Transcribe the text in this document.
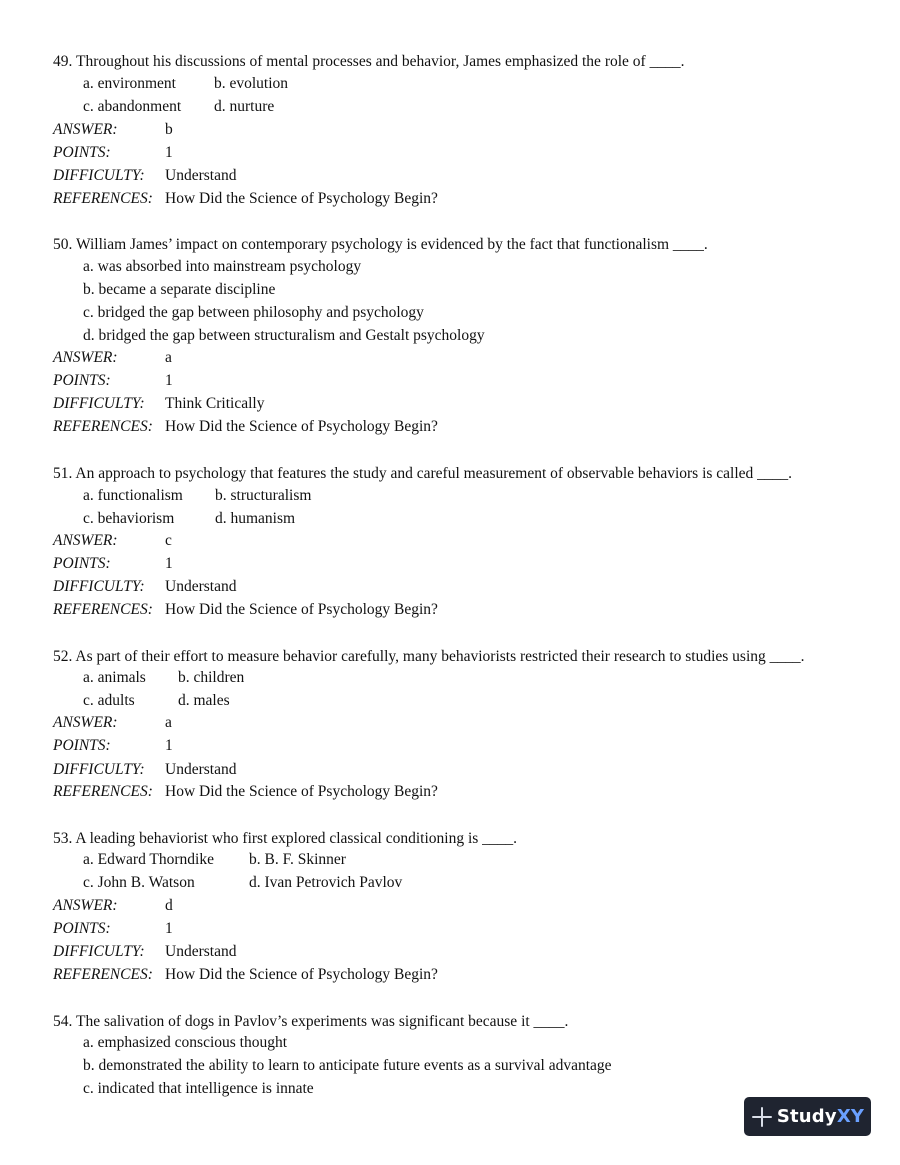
49. Throughout his discussions of mental processes and behavior, James emphasized the role of ____.
a. environment b. evolution
c. abandonment d. nurture
ANSWER:	b
POINTS:	1
DIFFICULTY: Understand
REFERENCES: How Did the Science of Psychology Begin?
50. William James’ impact on contemporary psychology is evidenced by the fact that functionalism ____.
a. was absorbed into mainstream psychology
b. became a separate discipline
c. bridged the gap between philosophy and psychology
d. bridged the gap between structuralism and Gestalt psychology
ANSWER:	a
POINTS:	1
DIFFICULTY: Think Critically
REFERENCES: How Did the Science of Psychology Begin?
51. An approach to psychology that features the study and careful measurement of observable behaviors is called ____.
a. functionalism b. structuralism
c. behaviorism	d. humanism
ANSWER:	c
POINTS:	1
DIFFICULTY: Understand
REFERENCES: How Did the Science of Psychology Begin?
52. As part of their effort to measure behavior carefully, many behaviorists restricted their research to studies using ____.
a. animals b. children
c. adults	d. males
ANSWER:	a
POINTS:	1
DIFFICULTY: Understand
REFERENCES: How Did the Science of Psychology Begin?
53. A leading behaviorist who first explored classical conditioning is ____.
a. Edward Thorndike b. B. F. Skinner
c. John B. Watson	d. Ivan Petrovich Pavlov
ANSWER:	d
POINTS:	1
DIFFICULTY: Understand
REFERENCES: How Did the Science of Psychology Begin?
54. The salivation of dogs in Pavlov’s experiments was significant because it ____.
a. emphasized conscious thought
b. demonstrated the ability to learn to anticipate future events as a survival advantage
c. indicated that intelligence is innate
StudyXY
